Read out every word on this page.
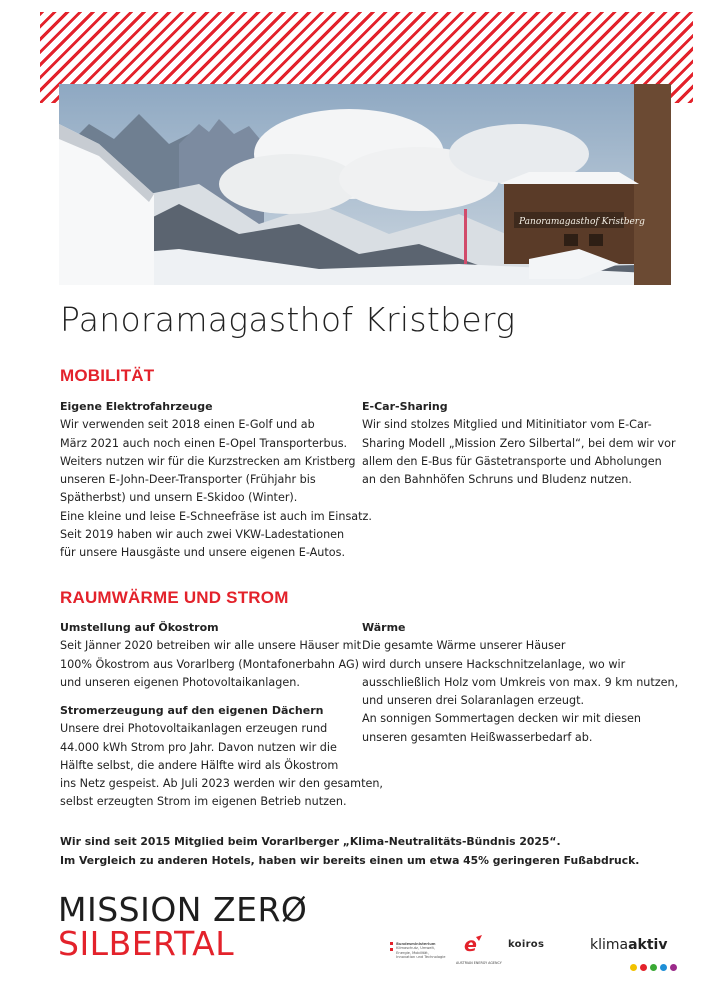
Panoramagasthof Kristberg
Panoramagasthof Kristberg
MOBILITÄT
Eigene Elektrofahrzeuge
Wir verwenden seit 2018 einen E-Golf und ab
März 2021 auch noch einen E-Opel Transporterbus.
Weiters nutzen wir für die Kurzstrecken am Kristberg
unseren E-John-Deer-Transporter (Frühjahr bis
Spätherbst) und unsern E-Skidoo (Winter).
Eine kleine und leise E-Schneefräse ist auch im Einsatz.
Seit 2019 haben wir auch zwei VKW-Ladestationen
für unsere Hausgäste und unsere eigenen E-Autos.
E-Car-Sharing
Wir sind stolzes Mitglied und Mitinitiator vom E-Car-
Sharing Modell „Mission Zero Silbertal“, bei dem wir vor
allem den E-Bus für Gästetransporte und Abholungen
an den Bahnhöfen Schruns und Bludenz nutzen.
RAUMWÄRME UND STROM
Umstellung auf Ökostrom
Seit Jänner 2020 betreiben wir alle unsere Häuser mit
100% Ökostrom aus Vorarlberg (Montafonerbahn AG)
und unseren eigenen Photovoltaikanlagen.
Stromerzeugung auf den eigenen Dächern
Unsere drei Photovoltaikanlagen erzeugen rund
44.000 kWh Strom pro Jahr. Davon nutzen wir die
Hälfte selbst, die andere Hälfte wird als Ökostrom
ins Netz gespeist. Ab Juli 2023 werden wir den gesamten,
selbst erzeugten Strom im eigenen Betrieb nutzen.
Wärme
Die gesamte Wärme unserer Häuser
wird durch unsere Hackschnitzelanlage, wo wir
ausschließlich Holz vom Umkreis von max. 9 km nutzen,
und unseren drei Solaranlagen erzeugt.
An sonnigen Sommertagen decken wir mit diesen
unseren gesamten Heißwasserbedarf ab.
Wir sind seit 2015 Mitglied beim Vorarlberger „Klima-Neutralitäts-Bündnis 2025“.
Im Vergleich zu anderen Hotels, haben wir bereits einen um etwa 45% geringeren Fußabdruck.
MISSION ZERØ
SILBERTAL
	Bundesministerium
Klimaschutz, Umwelt,
Energie, Mobilität,
Innovation und Technologie
e
AUSTRIAN ENERGY AGENCY
koiros	klimaaktiv
